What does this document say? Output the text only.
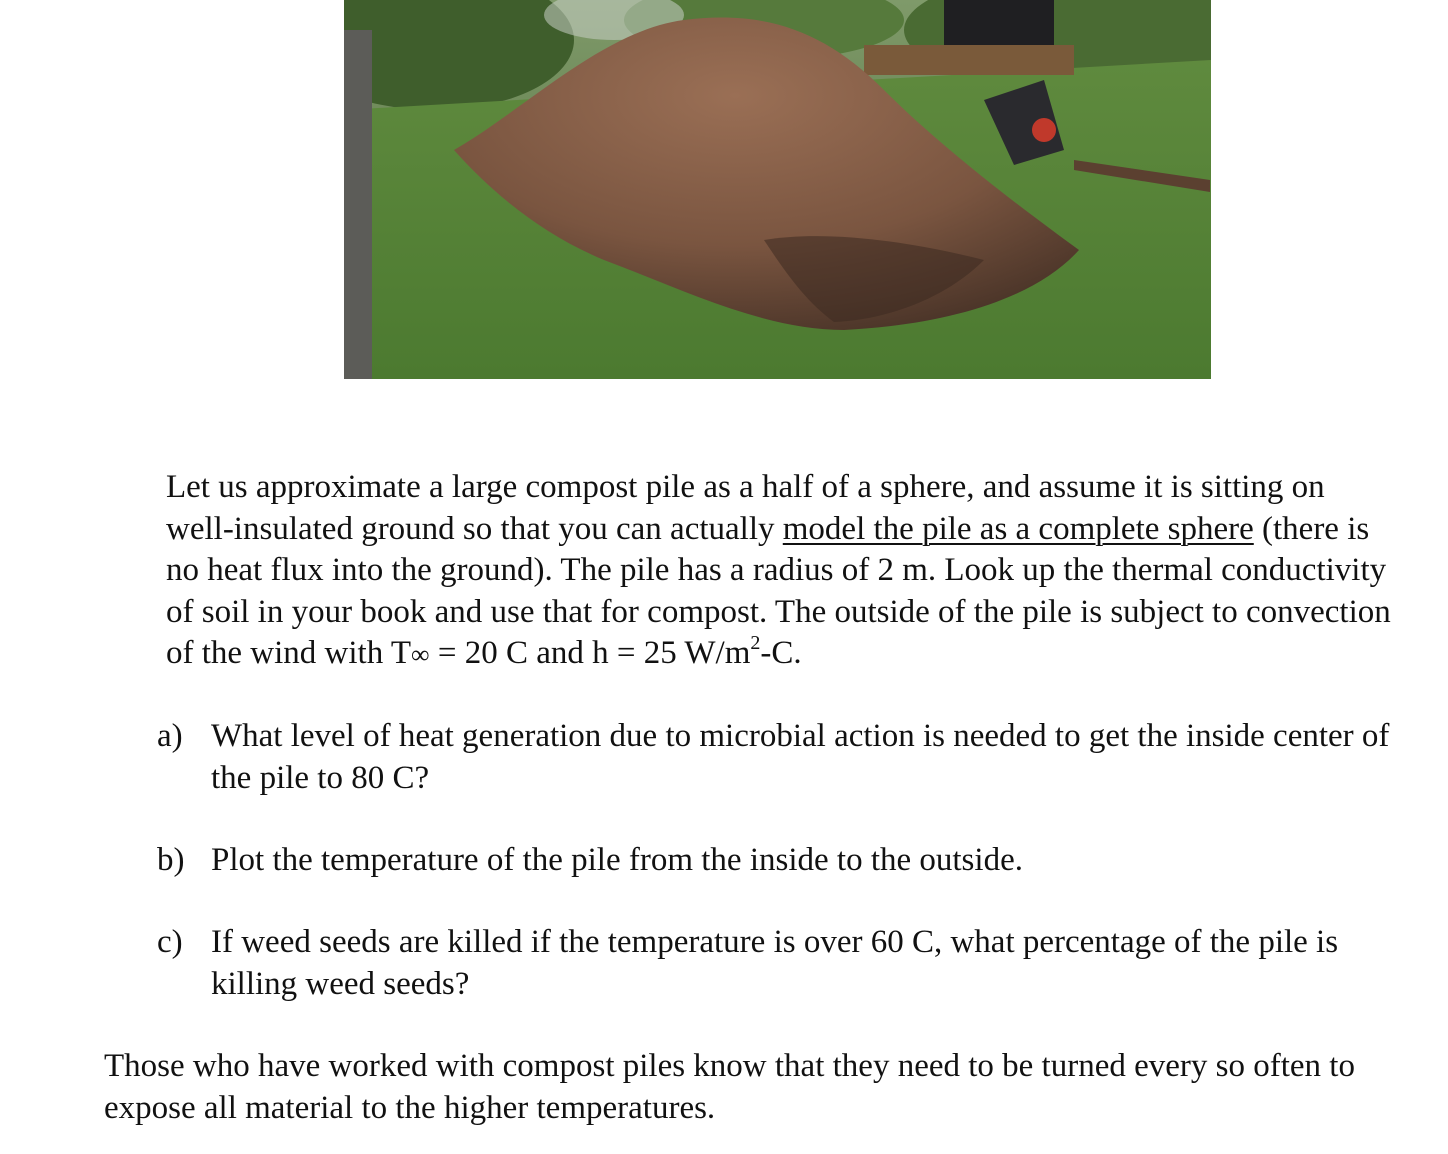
Let us approximate a large compost pile as a half of a sphere, and assume it is sitting on well-insulated ground so that you can actually model the pile as a complete sphere (there is no heat flux into the ground). The pile has a radius of 2 m. Look up the thermal conductivity of soil in your book and use that for compost. The outside of the pile is subject to convection of the wind with T∞ = 20 C and h = 25 $W/m^2-C$.

a) What level of heat generation due to microbial action is needed to get the inside center of the pile to 80 C?
b) Plot the temperature of the pile from the inside to the outside.
c) If weed seeds are killed if the temperature is over 60 C, what percentage of the pile is killing weed seeds?
Those who have worked with compost piles know that they need to be turned every so often to expose all material to the higher temperatures.
